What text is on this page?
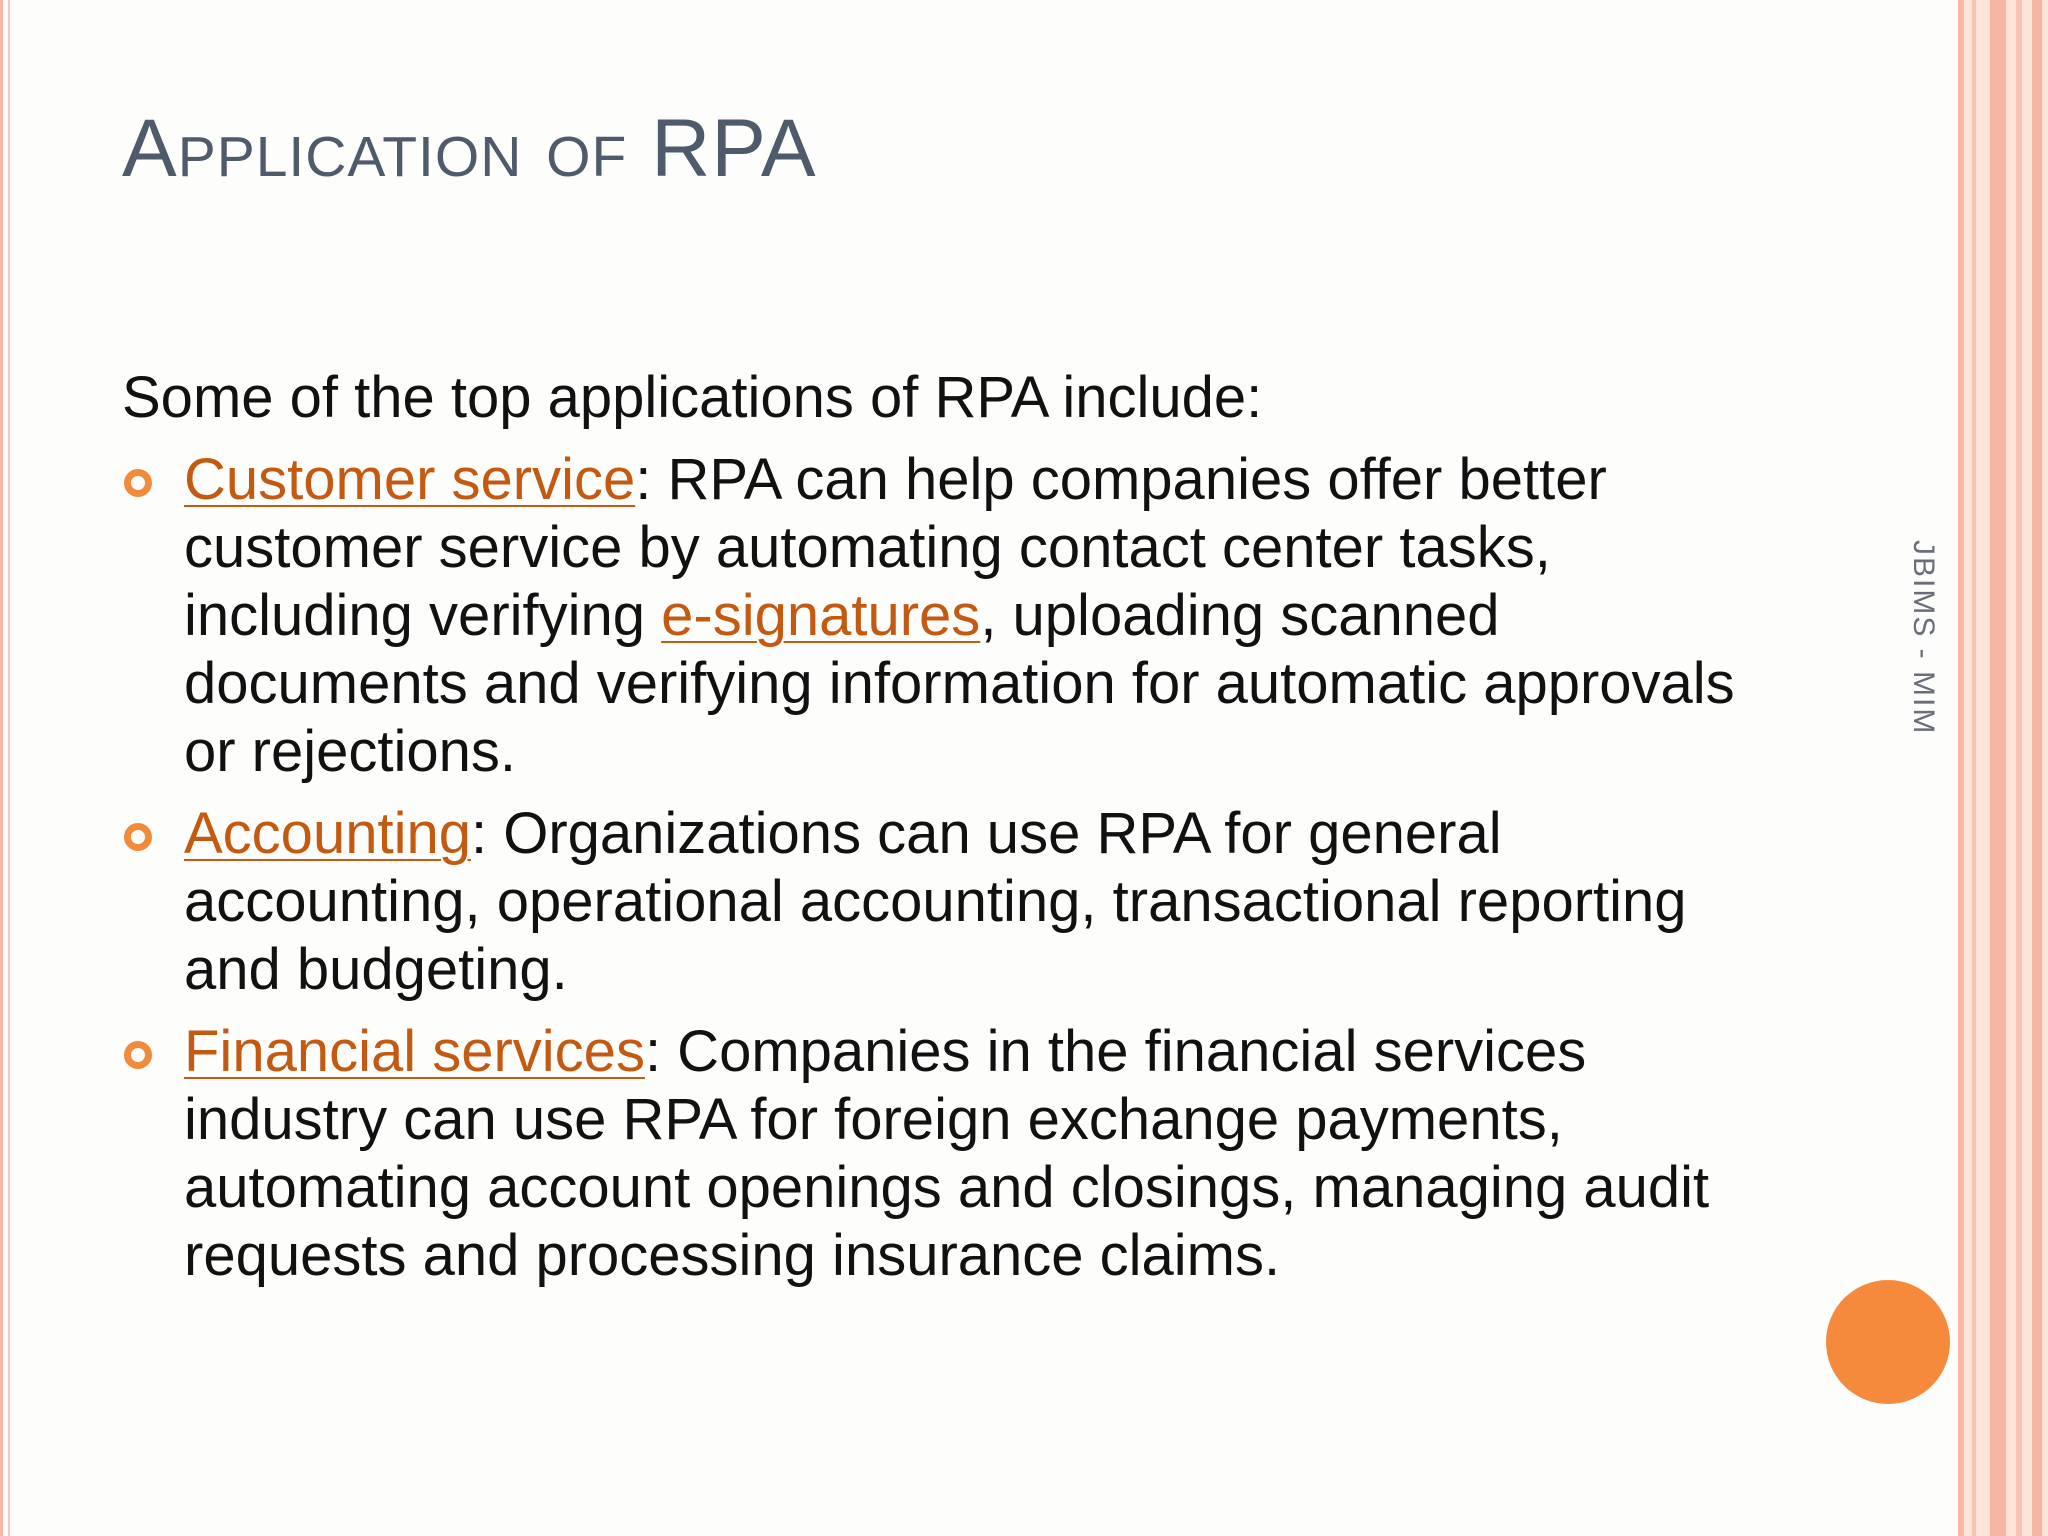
Application of RPA
Some of the top applications of RPA include:
Customer service: RPA can help companies offer better customer service by automating contact center tasks, including verifying e-signatures, uploading scanned documents and verifying information for automatic approvals or rejections.
Accounting: Organizations can use RPA for general accounting, operational accounting, transactional reporting and budgeting.
Financial services: Companies in the financial services industry can use RPA for foreign exchange payments, automating account openings and closings, managing audit requests and processing insurance claims.
JBIMS - MIM
